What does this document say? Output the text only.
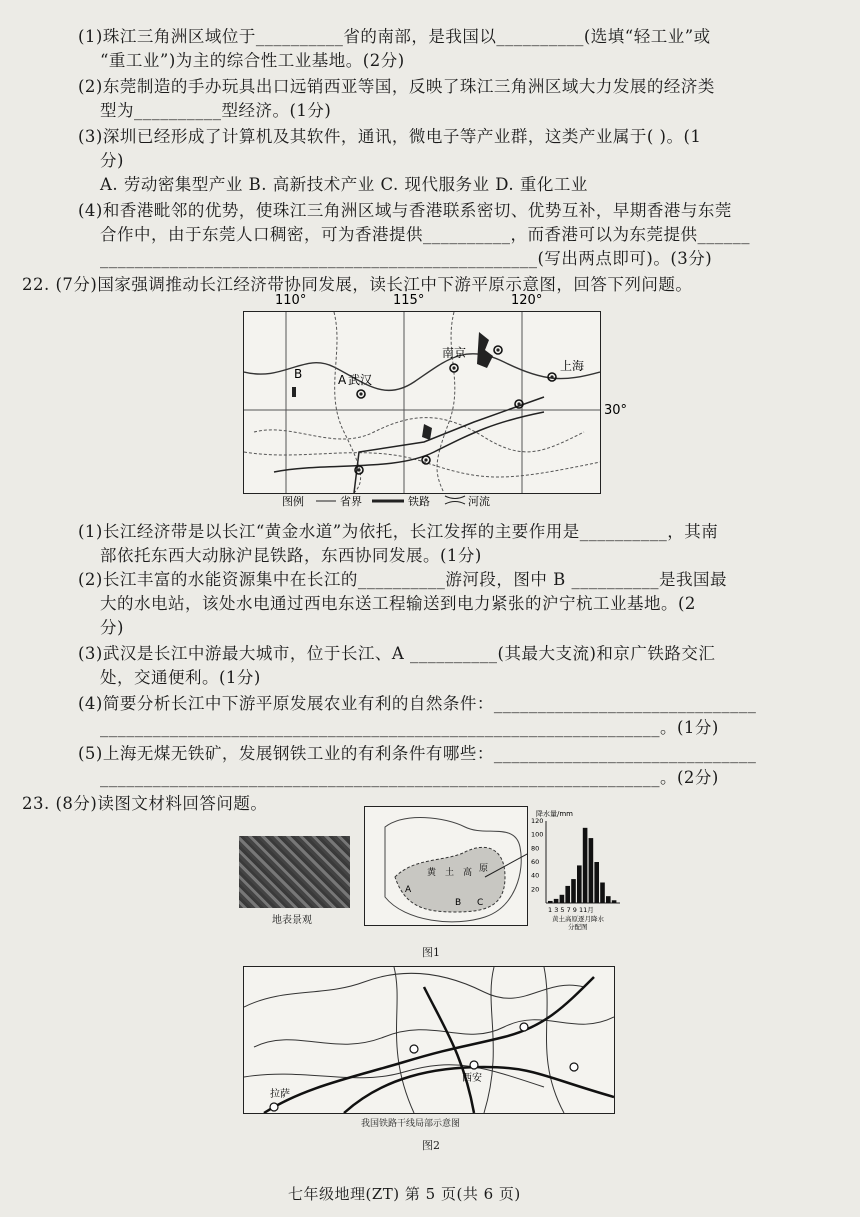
(1)珠江三角洲区域位于__________省的南部，是我国以__________(选填“轻工业”或
“重工业”)为主的综合性工业基地。(2分)
(2)东莞制造的手办玩具出口远销西亚等国，反映了珠江三角洲区域大力发展的经济类
型为__________型经济。(1分)
(3)深圳已经形成了计算机及其软件，通讯，微电子等产业群，这类产业属于( )。(1
分)
A. 劳动密集型产业 B. 高新技术产业 C. 现代服务业 D. 重化工业
(4)和香港毗邻的优势，使珠江三角洲区域与香港联系密切、优势互补，早期香港与东莞
合作中，由于东莞人口稠密，可为香港提供__________，而香港可以为东莞提供______
__________________________________________________(写出两点即可)。(3分)
22. (7分)国家强调推动长江经济带协同发展，读长江中下游平原示意图，回答下列问题。
(1)长江经济带是以长江“黄金水道”为依托，长江发挥的主要作用是__________，其南
部依托东西大动脉沪昆铁路，东西协同发展。(1分)
(2)长江丰富的水能资源集中在长江的__________游河段，图中 B __________是我国最
大的水电站，该处水电通过西电东送工程输送到电力紧张的沪宁杭工业基地。(2
分)
(3)武汉是长江中游最大城市，位于长江、A __________(其最大支流)和京广铁路交汇
处，交通便利。(1分)
(4)简要分析长江中下游平原发展农业有利的自然条件：______________________________
________________________________________________________________。(1分)
(5)上海无煤无铁矿，发展钢铁工业的有利条件有哪些：______________________________
________________________________________________________________。(2分)
23. (8分)读图文材料回答问题。
武汉
南京
上海
A
B
110°	115°	120°
30°
图例	省界	铁路	河流
地表景观
黄 土 高 原
A
B C
降水量/mm
120
100
80
60
40
20
1 3 5 7 9 11月
黄土高原逐月降水
分配图
图1
西安
拉萨
我国铁路干线局部示意图
图2
七年级地理(ZT) 第 5 页(共 6 页)
